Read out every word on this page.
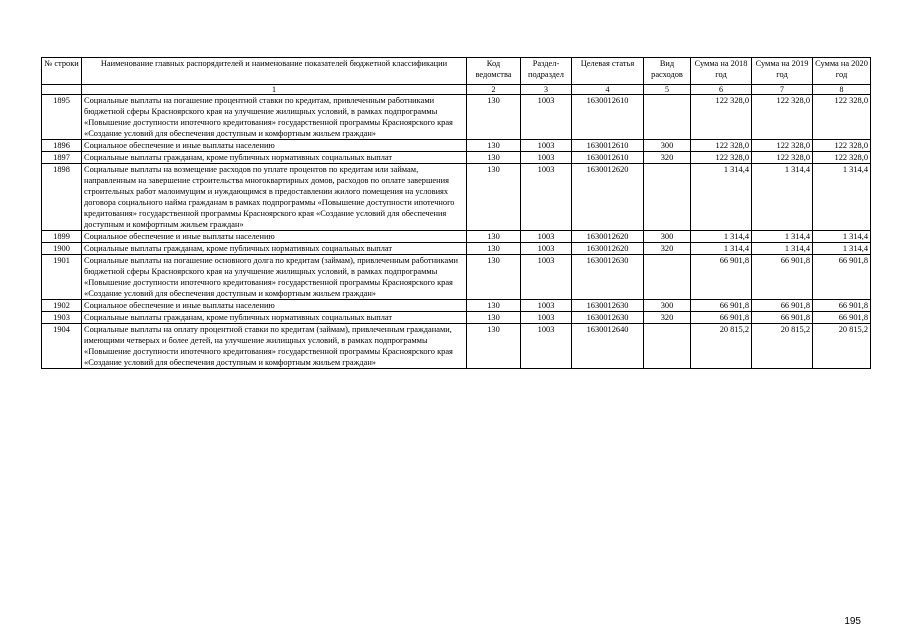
№ строки	Наименование главных распорядителей и наименование показателей бюджетной классификации	Код ведомства	Раздел-подраздел	Целевая статья	Вид расходов	Сумма на 2018 год	Сумма на 2019 год	Сумма на 2020 год
	1	2	3	4	5	6	7	8
1895	Социальные выплаты на погашение процентной ставки по кредитам, привлеченным работниками бюджетной сферы Красноярского края на улучшение жилищных условий, в рамках подпрограммы «Повышение доступности ипотечного кредитования» государственной программы Красноярского края «Создание условий для обеспечения доступным и комфортным жильем граждан»	130	1003	1630012610		122 328,0	122 328,0	122 328,0
1896	Социальное обеспечение и иные выплаты населению	130	1003	1630012610	300	122 328,0	122 328,0	122 328,0
1897	Социальные выплаты гражданам, кроме публичных нормативных социальных выплат	130	1003	1630012610	320	122 328,0	122 328,0	122 328,0
1898	Социальные выплаты на возмещение расходов по уплате процентов по кредитам или займам, направленным на завершение строительства многоквартирных домов, расходов по оплате завершения строительных работ малоимущим и нуждающимся в предоставлении жилого помещения на условиях договора социального найма гражданам в рамках подпрограммы «Повышение доступности ипотечного кредитования» государственной программы Красноярского края «Создание условий для обеспечения доступным и комфортным жильем граждан»	130	1003	1630012620		1 314,4	1 314,4	1 314,4
1899	Социальное обеспечение и иные выплаты населению	130	1003	1630012620	300	1 314,4	1 314,4	1 314,4
1900	Социальные выплаты гражданам, кроме публичных нормативных социальных выплат	130	1003	1630012620	320	1 314,4	1 314,4	1 314,4
1901	Социальные выплаты на погашение основного долга по кредитам (займам), привлеченным работниками бюджетной сферы Красноярского края на улучшение жилищных условий, в рамках подпрограммы «Повышение доступности ипотечного кредитования» государственной программы Красноярского края «Создание условий для обеспечения доступным и комфортным жильем граждан»	130	1003	1630012630		66 901,8	66 901,8	66 901,8
1902	Социальное обеспечение и иные выплаты населению	130	1003	1630012630	300	66 901,8	66 901,8	66 901,8
1903	Социальные выплаты гражданам, кроме публичных нормативных социальных выплат	130	1003	1630012630	320	66 901,8	66 901,8	66 901,8
1904	Социальные выплаты на оплату процентной ставки по кредитам (займам), привлеченным гражданами, имеющими четверых и более детей, на улучшение жилищных условий, в рамках подпрограммы «Повышение доступности ипотечного кредитования» государственной программы Красноярского края «Создание условий для обеспечения доступным и комфортным жильем граждан»	130	1003	1630012640		20 815,2	20 815,2	20 815,2
195
